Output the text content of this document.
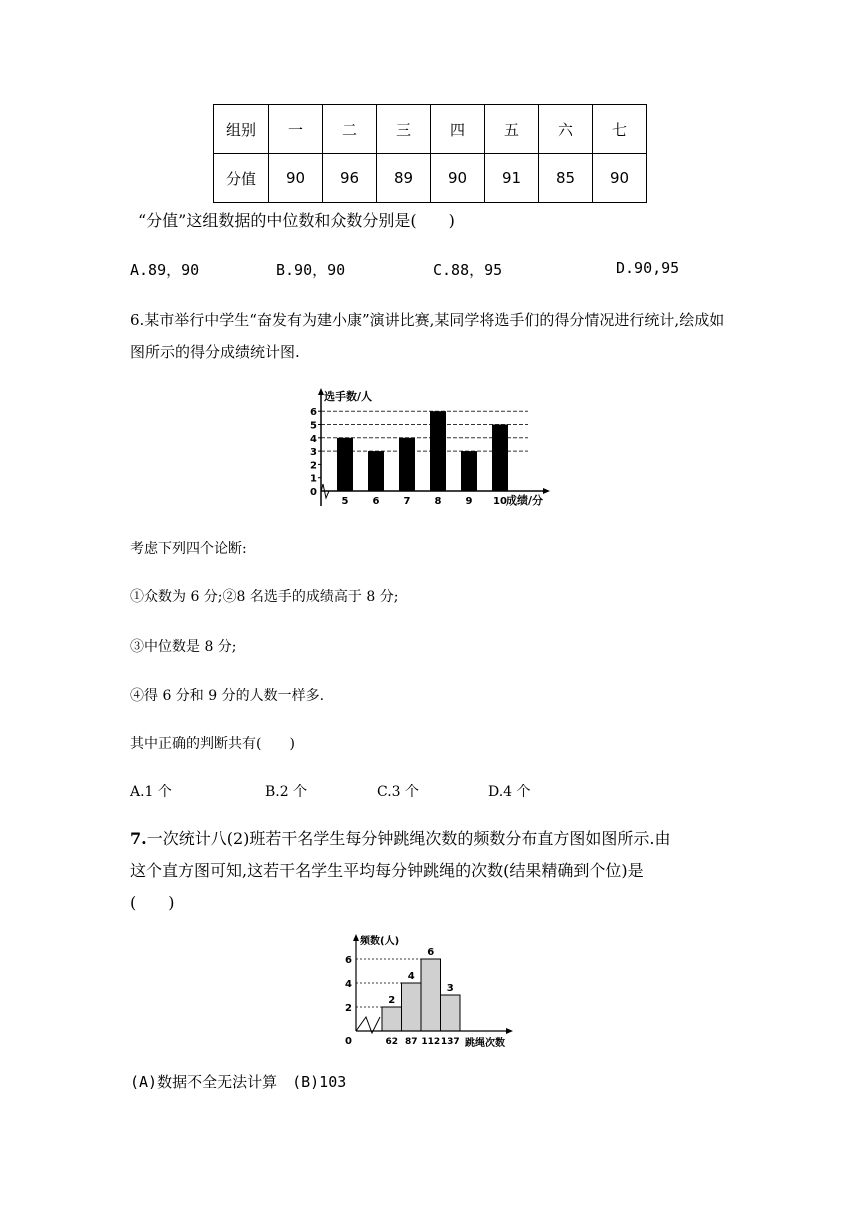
组别	一	二	三	四	五	六	七
分值	90	96	89	90	91	85	90
“分值”这组数据的中位数和众数分别是(　　)
A.89，90	B.90，90	C.88，95	D.90,95
6.某市举行中学生“奋发有为建小康”演讲比赛,某同学将选手们的得分情况进行统计,绘成如
图所示的得分成绩统计图.
选手数/人
成绩/分
0
1
2
3
4
5
6
5 6 7 8 9 10
考虑下列四个论断:
①众数为 6 分;②8 名选手的成绩高于 8 分;
③中位数是 8 分;
④得 6 分和 9 分的人数一样多.
其中正确的判断共有(　　)
A.1 个	B.2 个	C.3 个	D.4 个
7.一次统计八(2)班若干名学生每分钟跳绳次数的频数分布直方图如图所示.由
这个直方图可知,这若干名学生平均每分钟跳绳的次数(结果精确到个位)是
(　　)
频数(人)
跳绳次数
0
2
4
6
62 87 112 137
2
4
6
3
(A)数据不全无法计算　(B)103
